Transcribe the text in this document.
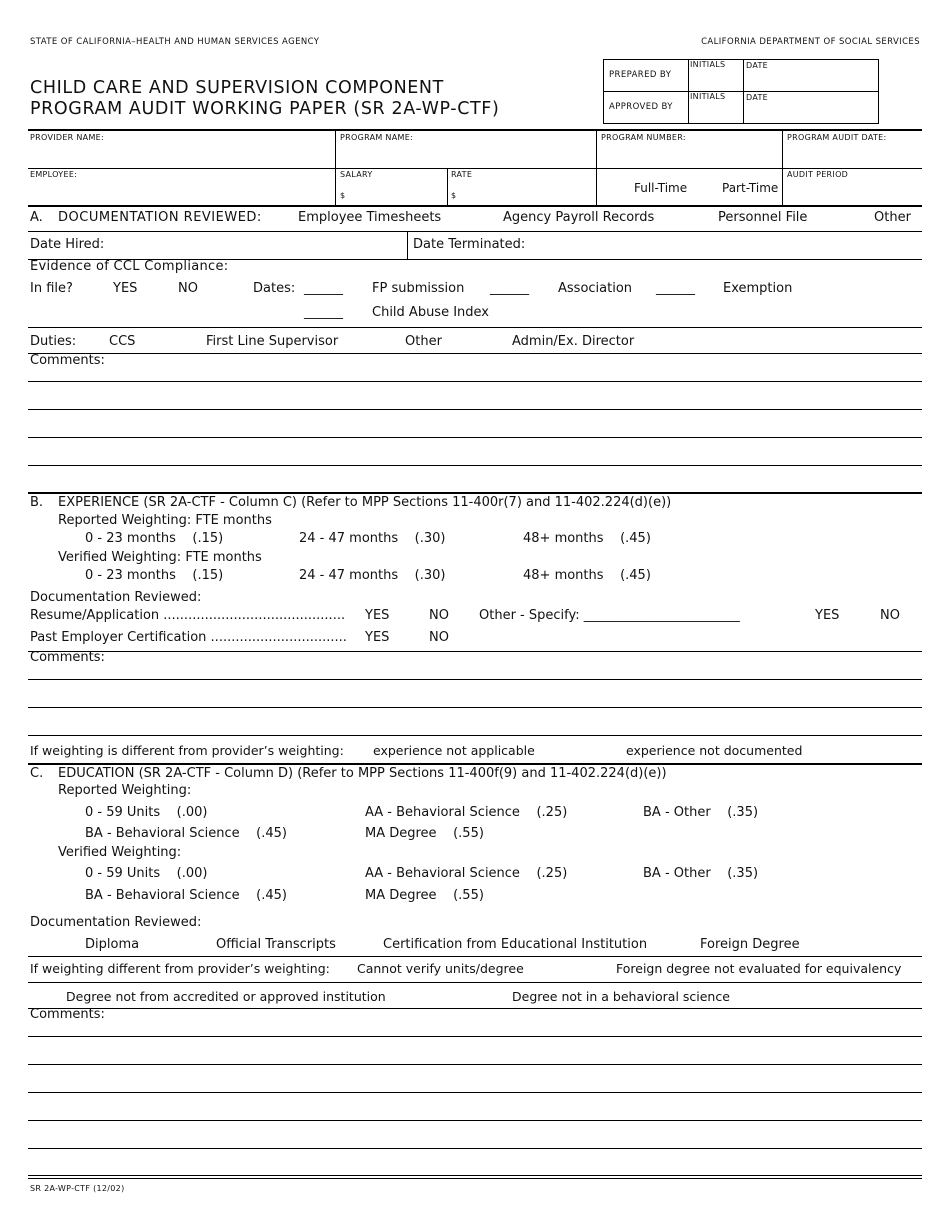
STATE OF CALIFORNIA–HEALTH AND HUMAN SERVICES AGENCY	CALIFORNIA DEPARTMENT OF SOCIAL SERVICES
CHILD CARE AND SUPERVISION COMPONENT
PROGRAM AUDIT WORKING PAPER (SR 2A-WP-CTF)
PREPARED BY
APPROVED BY
INITIALS	DATE
INITIALS	DATE
PROVIDER NAME:	PROGRAM NAME:	PROGRAM NUMBER:	PROGRAM AUDIT DATE:
EMPLOYEE:	SALARY	RATE
$	$
Full-Time	Part-Time
AUDIT PERIOD
A. DOCUMENTATION REVIEWED:	Employee Timesheets	Agency Payroll Records	Personnel File	Other
Date Hired:	Date Terminated:
Evidence of CCL Compliance:
In file?	YES	NO	Dates: ______ FP submission ______ Association ______ Exemption
______ Child Abuse Index
Duties:	CCS	First Line Supervisor	Other	Admin/Ex. Director
Comments:
B. EXPERIENCE (SR 2A-CTF - Column C) (Refer to MPP Sections 11-400r(7) and 11-402.224(d)(e))
Reported Weighting: FTE months
0 - 23 months (.15)	24 - 47 months (.30)	48+ months (.45)
Verified Weighting: FTE months
0 - 23 months (.15)	24 - 47 months (.30)	48+ months (.45)
Documentation Reviewed:
Resume/Application ............................................ YES	NO Other - Specify: ________________________	YES	NO
Past Employer Certification ................................. YES	NO
Comments:
If weighting is different from provider’s weighting: experience not applicable	experience not documented
C. EDUCATION (SR 2A-CTF - Column D) (Refer to MPP Sections 11-400f(9) and 11-402.224(d)(e))
Reported Weighting:
0 - 59 Units (.00)	AA - Behavioral Science (.25)	BA - Other (.35)
BA - Behavioral Science (.45)	MA Degree (.55)
Verified Weighting:
0 - 59 Units (.00)	AA - Behavioral Science (.25)	BA - Other (.35)
BA - Behavioral Science (.45)	MA Degree (.55)
Documentation Reviewed:
Diploma	Official Transcripts	Certification from Educational Institution	Foreign Degree
If weighting different from provider’s weighting: Cannot verify units/degree	Foreign degree not evaluated for equivalency
Degree not from accredited or approved institution	Degree not in a behavioral science
Comments:
SR 2A-WP-CTF (12/02)
